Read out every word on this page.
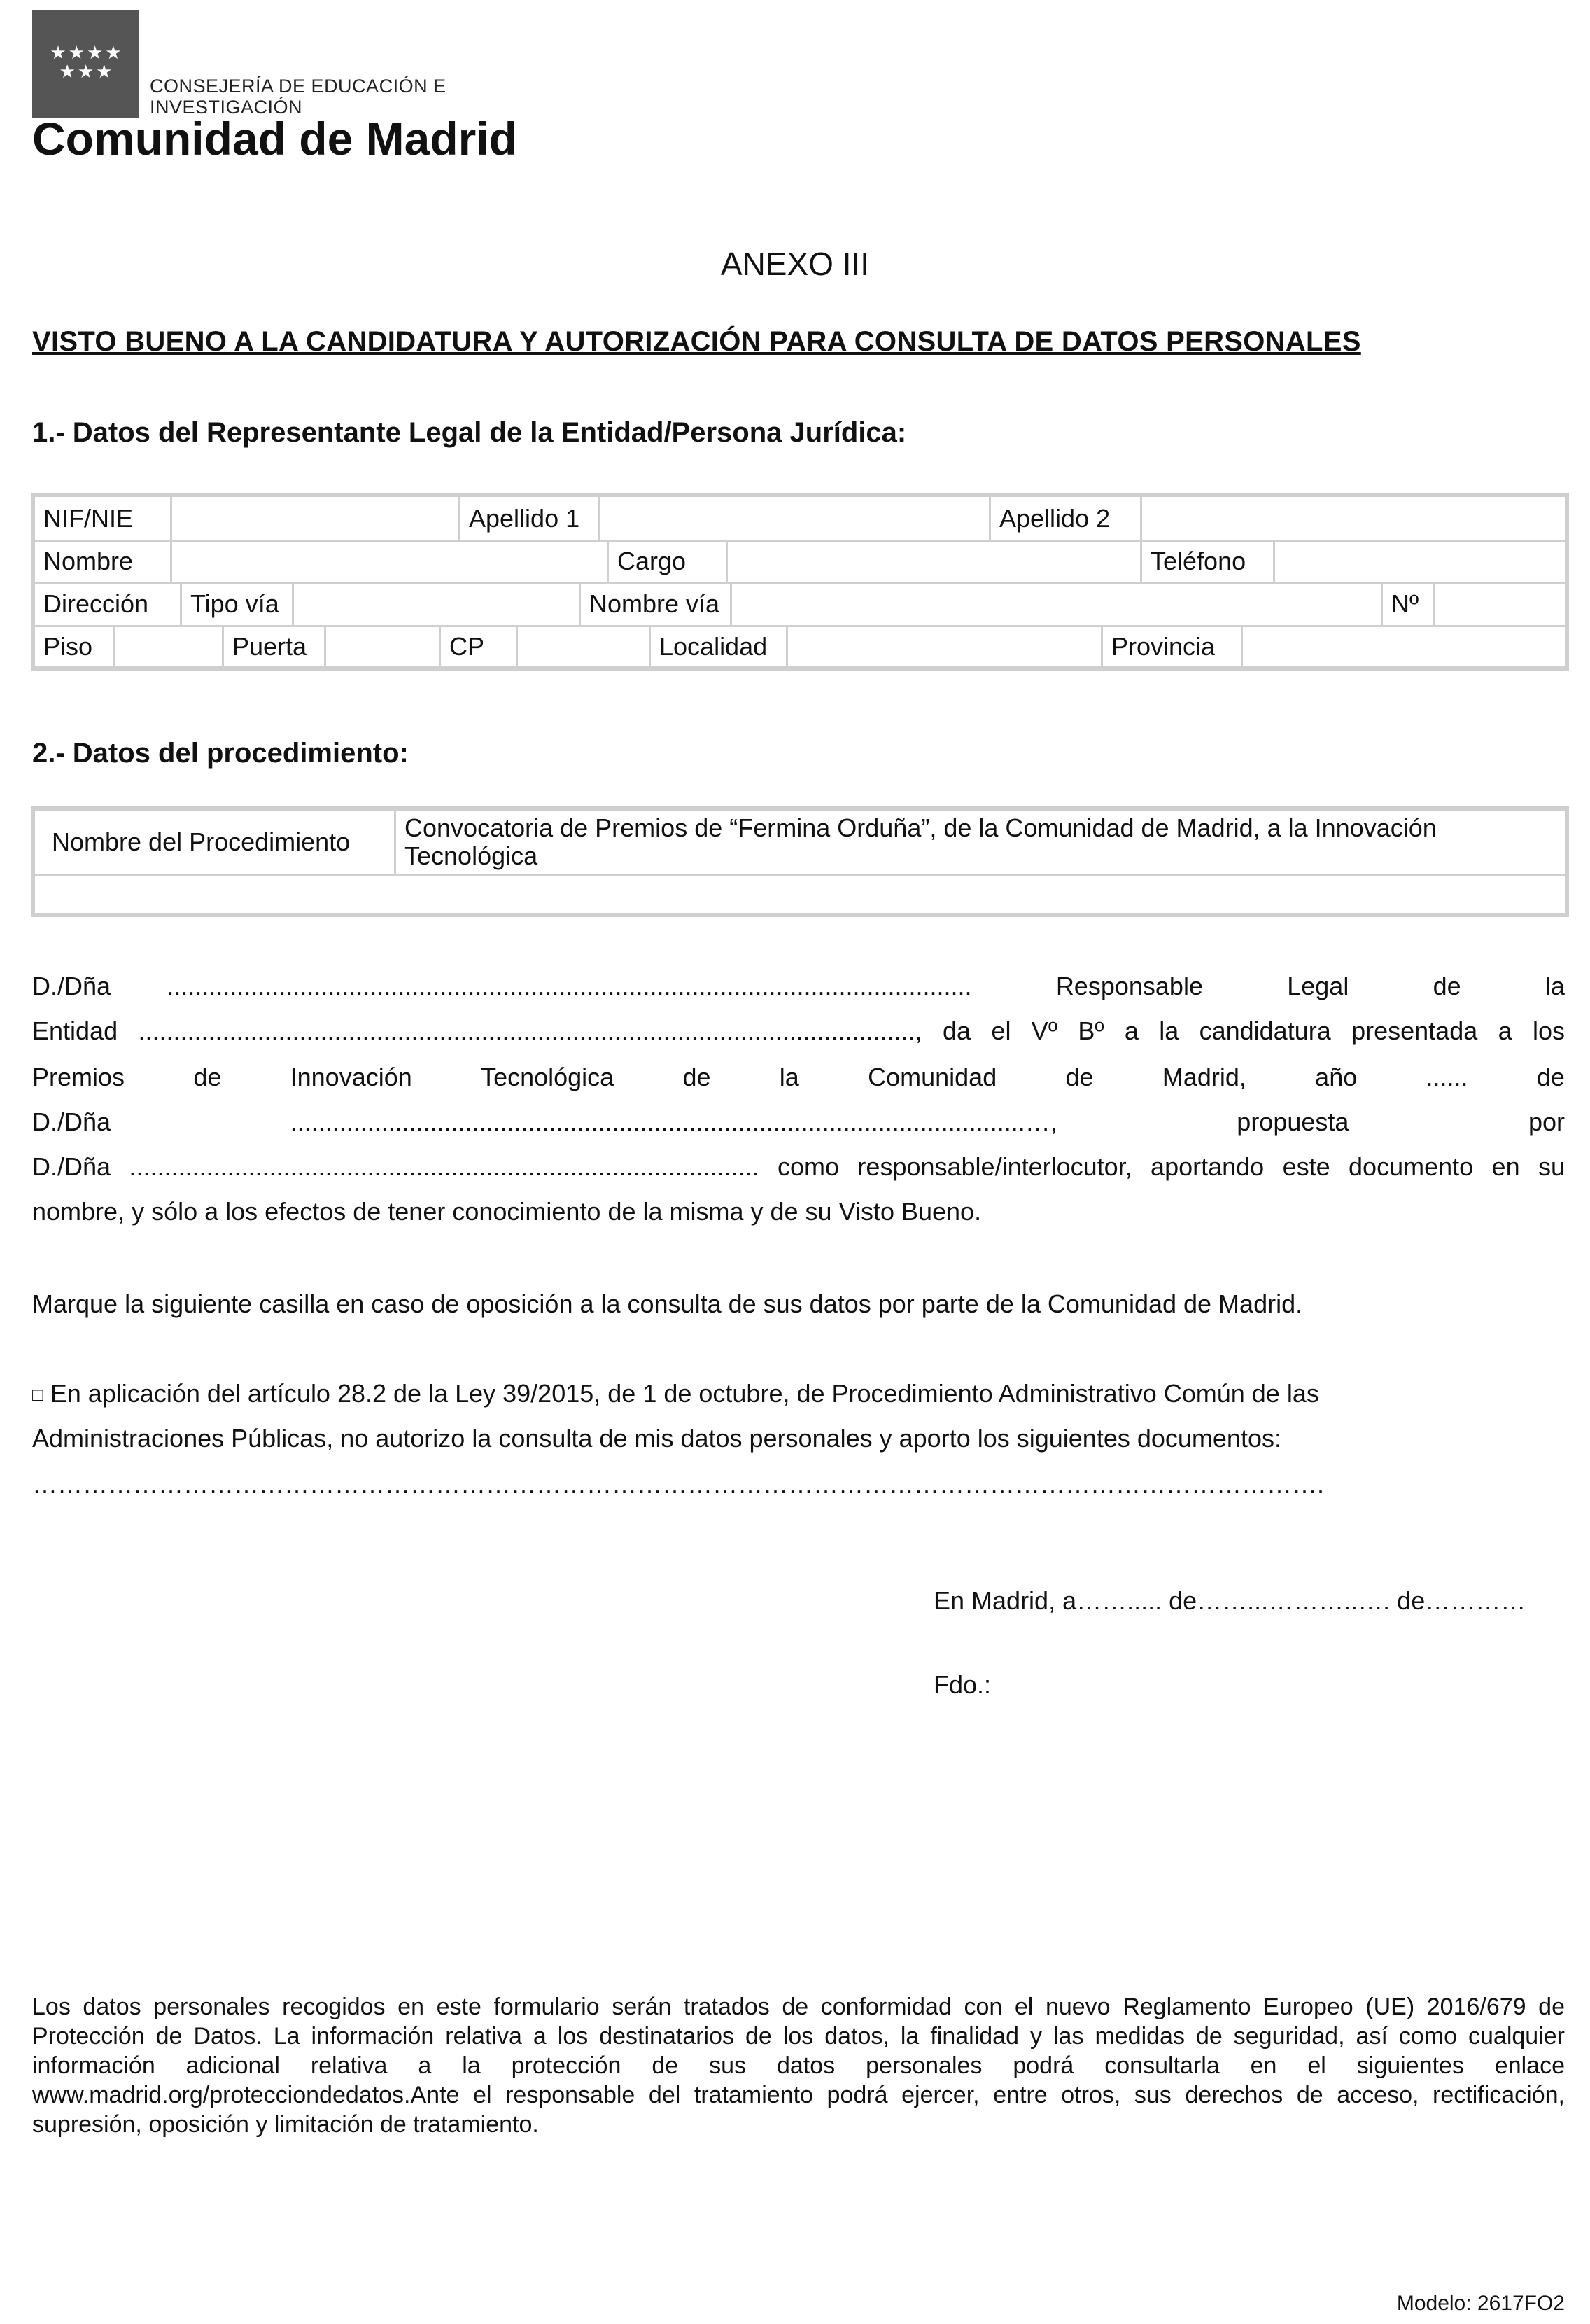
★★★★ ★★★
CONSEJERÍA DE EDUCACIÓN E
INVESTIGACIÓN
Comunidad de Madrid
ANEXO III
VISTO BUENO A LA CANDIDATURA Y AUTORIZACIÓN PARA CONSULTA DE DATOS PERSONALES
1.- Datos del Representante Legal de la Entidad/Persona Jurídica:
NIF/NIE	Apellido 1	Apellido 2
Nombre	Cargo	Teléfono
Dirección	Tipo vía	Nombre vía	Nº
Piso	Puerta	CP	Localidad	Provincia
2.- Datos del procedimiento:
Nombre del Procedimiento	Convocatoria de Premios de “Fermina Orduña”, de la Comunidad de Madrid, a la Innovación
Tecnológica
D./Dña ...................................................................................................................	Responsable	Legal	de	la
Entidad ..............................................................................................................., da el Vº Bº a la candidatura presentada a los
Premios	de	Innovación	Tecnológica	de	la	Comunidad	de	Madrid,	año	......	de
D./Dña	.........................................................................................................…,	propuesta	por
D./Dña .......................................................................................... como responsable/interlocutor, aportando este documento en su
nombre, y sólo a los efectos de tener conocimiento de la misma y de su Visto Bueno.
Marque la siguiente casilla en caso de oposición a la consulta de sus datos por parte de la Comunidad de Madrid.
□ En aplicación del artículo 28.2 de la Ley 39/2015, de 1 de octubre, de Procedimiento Administrativo Común de las
Administraciones Públicas, no autorizo la consulta de mis datos personales y aporto los siguientes documentos:
……………………………………………………………………………………………………………………………………….
En Madrid, a……..... de……...………..…. de…………
Fdo.:
Los datos personales recogidos en este formulario serán tratados de conformidad con el nuevo Reglamento Europeo (UE) 2016/679 de Protección de Datos. La información relativa a los destinatarios de los datos, la finalidad y las medidas de seguridad, así como cualquier información adicional relativa a la protección de sus datos personales podrá consultarla en el siguientes enlace www.madrid.org/protecciondedatos.Ante el responsable del tratamiento podrá ejercer, entre otros, sus derechos de acceso, rectificación, supresión, oposición y limitación de tratamiento.
Modelo: 2617FO2
